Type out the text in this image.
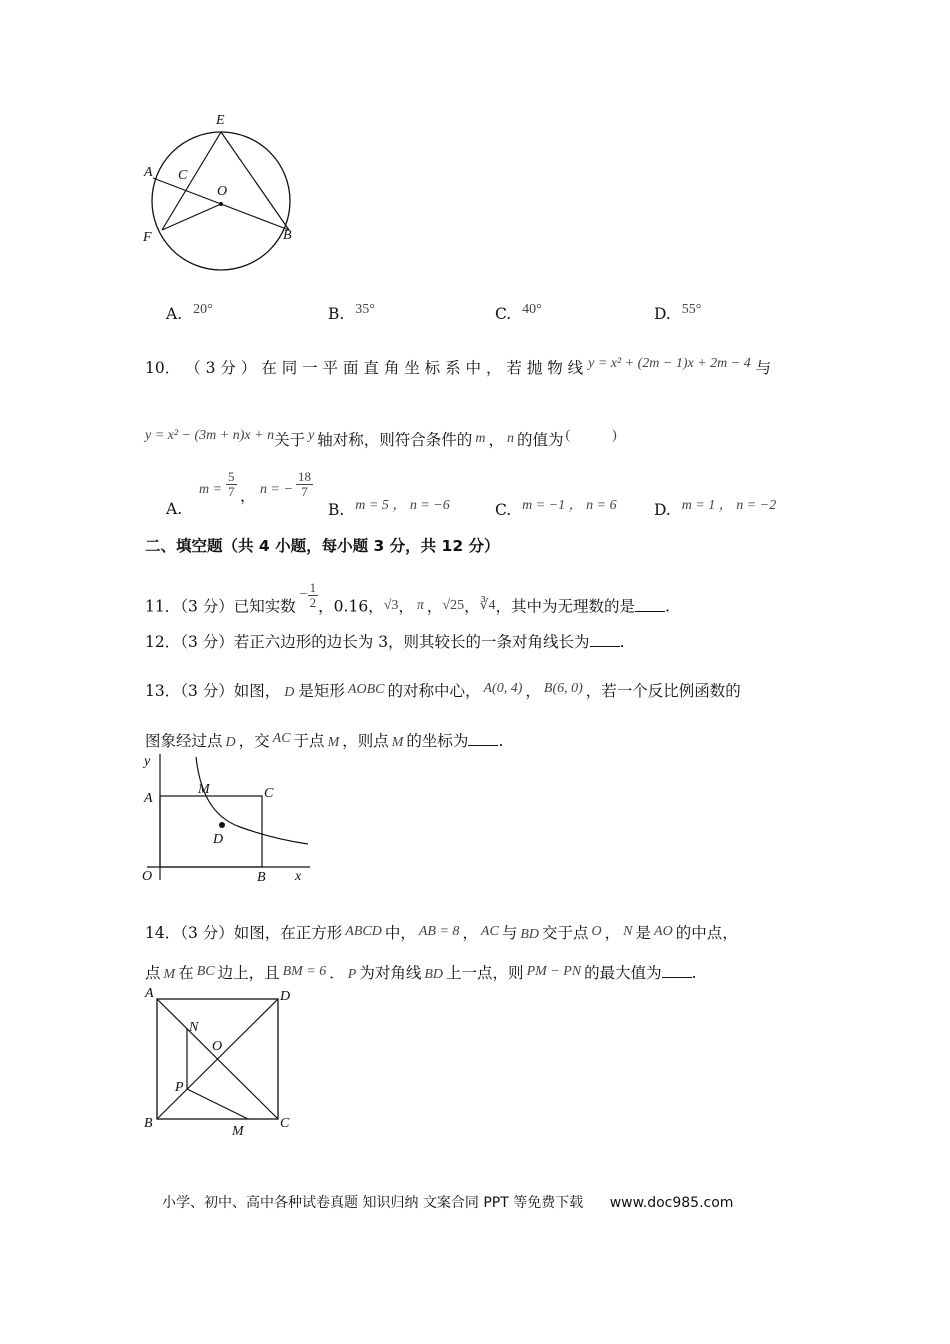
E
A C
O
F	B
A. 20°	B. 35°	C. 40°	D. 55°
10． （ 3 分 ） 在 同 一 平 面 直 角 坐 标 系 中 ， 若 抛 物 线 y = x² + (2m − 1)x + 2m − 4 与
y = x² − (3m + n)x + n关于 y 轴对称，则符合条件的 m ， n 的值为 (　　　)
A.
$m = \frac{5}{7}$ ， n = − $\frac{18}{7}$
B. m = 5 ， n = −6	C. m = −1 ， n = 6 D. m = 1 ， n = −2
二、填空题（共 4 小题，每小题 3 分，共 12 分）
11．（3 分）已知实数− $\frac{1}{2}$ ，0.16，√3， π ，√25，∛4，其中为无理数的是 .
12．（3 分）若正六边形的边长为 3，则其较长的一条对角线长为 .
13．（3 分）如图， D 是矩形 AOBC 的对称中心， A(0, 4) ， B(6, 0) ，若一个反比例函数的
图象经过点 D ，交 AC 于点 M ，则点 M 的坐标为 .
y
x
O
A
M	C
D
B
14．（3 分）如图，在正方形 ABCD 中， AB = 8 ， AC 与 BD 交于点 O ， N 是 AO 的中点，
点 M 在 BC 边上，且 BM = 6 ． P 为对角线 BD 上一点，则 PM − PN 的最大值为 .
A	D
N
O
P
B
M
C
小学、初中、高中各种试卷真题 知识归纳 文案合同 PPT 等免费下载 www.doc985.com
